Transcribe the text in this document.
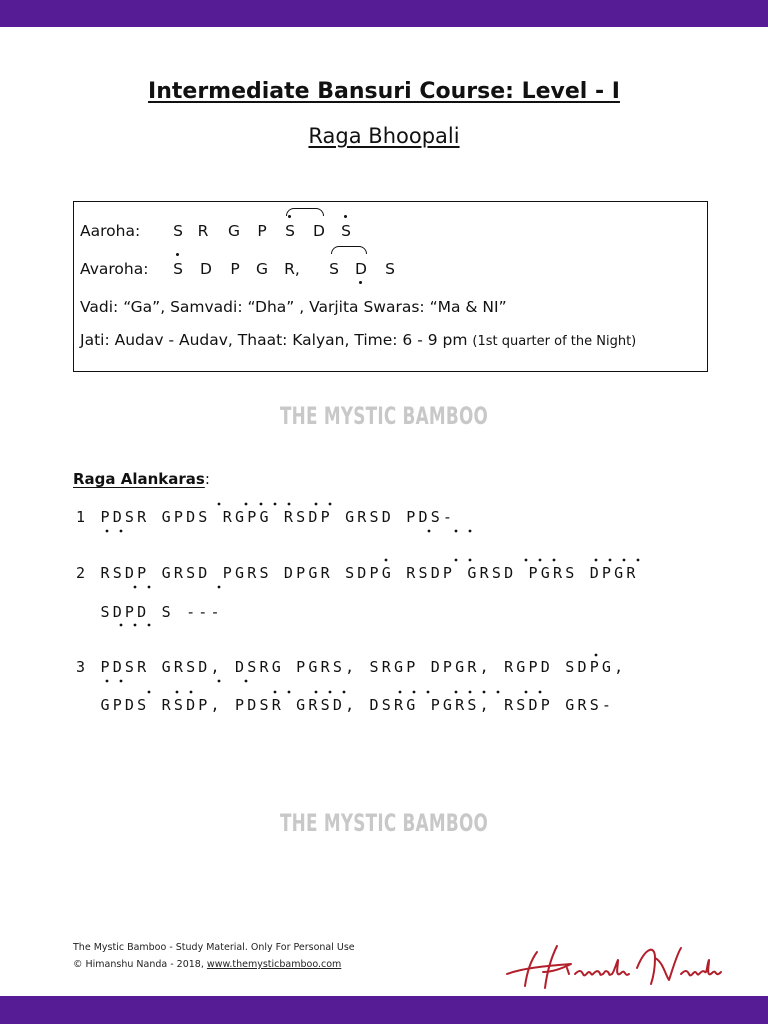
Intermediate Bansuri Course: Level - I
Raga Bhoopali
Aaroha: S R G P S D S
Avaroha: S D P G R, S D S
Vadi: “Ga”, Samvadi: “Dha” , Varjita Swaras: “Ma & NI”
Jati: Audav - Audav, Thaat: Kalyan, Time: 6 - 9 pm (1st quarter of the Night)
THE MYSTIC BAMBOO
Raga Alankaras:
1 PDSR GPDS RGPG RSDP GRSD PDS-
2 RSDP GRSD PGRS DPGR SDPG RSDP GRSD PGRS DPGR
SDPD S ---
3 PDSR GRSD, DSRG PGRS, SRGP DPGR, RGPD SDPG,
GPDS RSDP, PDSR GRSD, DSRG PGRS, RSDP GRS-
THE MYSTIC BAMBOO
The Mystic Bamboo - Study Material. Only For Personal Use
© Himanshu Nanda - 2018, www.themysticbamboo.com
